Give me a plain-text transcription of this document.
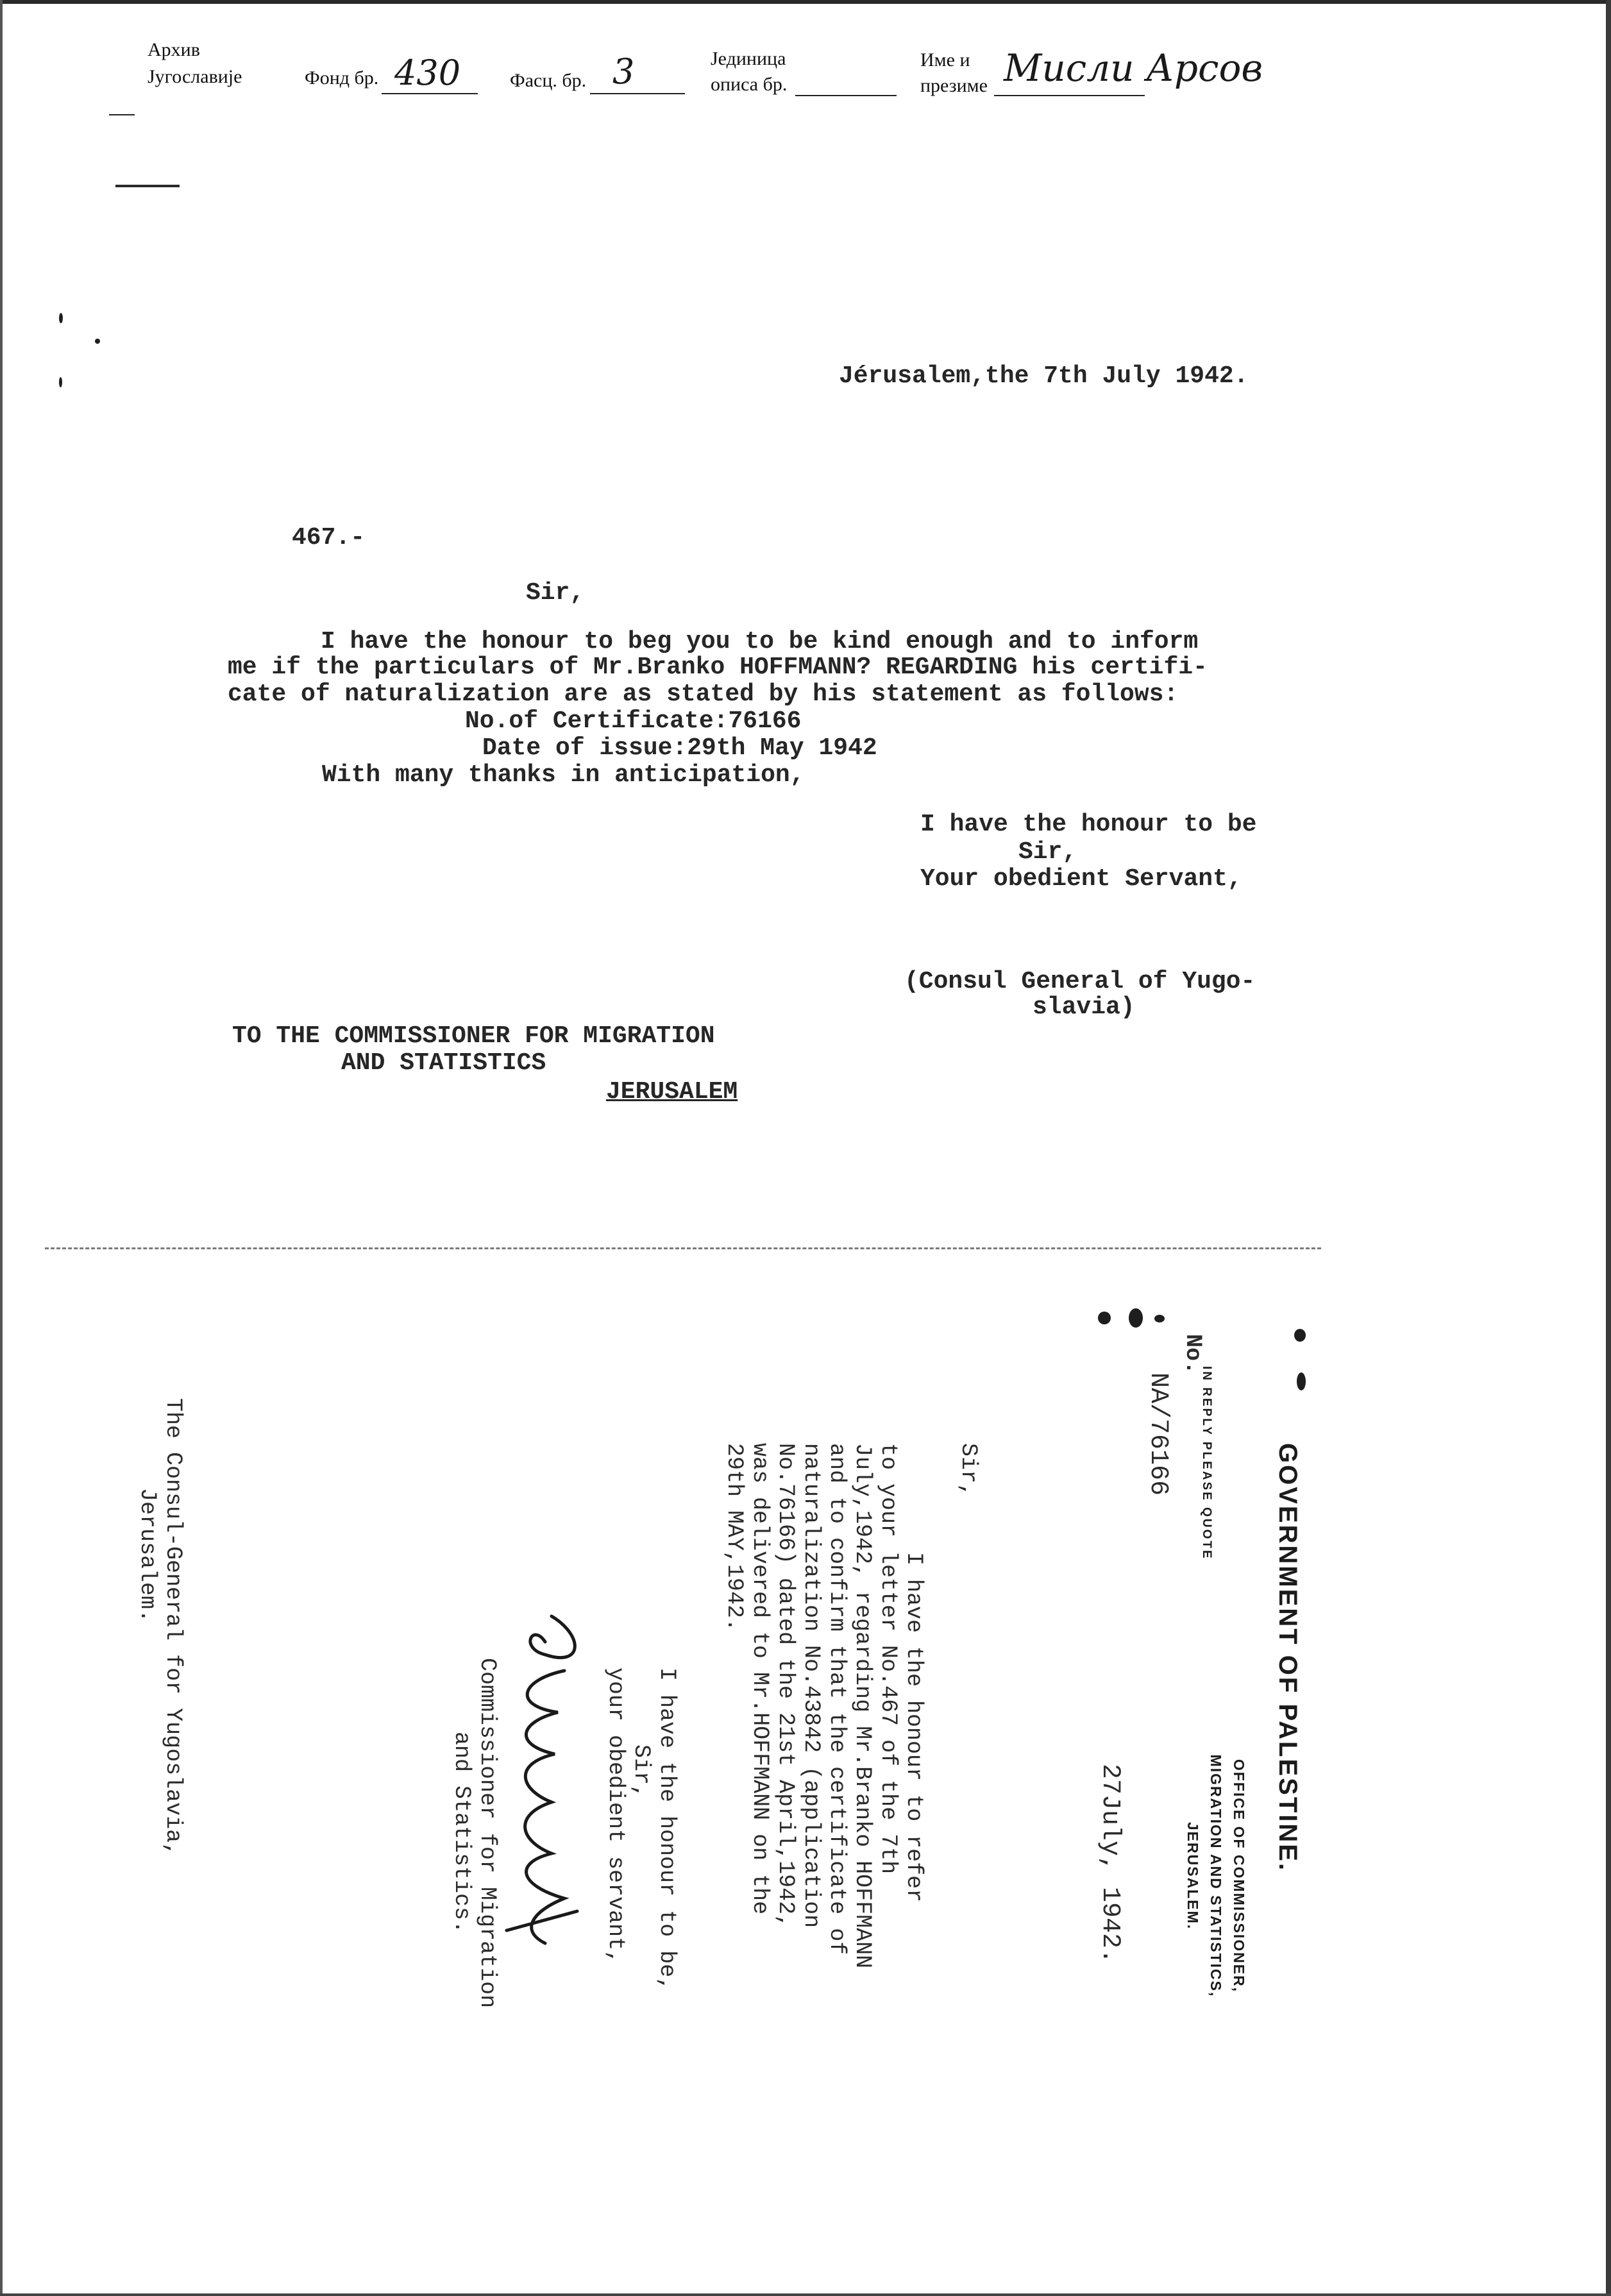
Архив
Југославије	Фонд бр. 430	Фасц. бр. 3	Јединица
описа бр.
Име и
презиме Мисли Арсов
Jérusalem,the 7th July 1942.
467.-
Sir,
I have the honour to beg you to be kind enough and to inform
me if the particulars of Mr.Branko HOFFMANN? REGARDING his certifi-
cate of naturalization are as stated by his statement as follows:
No.of Certificate:76166
Date of issue:29th May 1942
With many thanks in anticipation,
I have the honour to be
Sir,
Your obedient Servant,
(Consul General of Yugo-
slavia)
TO THE COMMISSIONER FOR MIGRATION
AND STATISTICS
JERUSALEM
GOVERNMENT OF PALESTINE.
OFFICE OF COMMISSIONER,
MIGRATION AND STATISTICS,
JERUSALEM.
IN REPLY PLEASE QUOTE
No.
NA/76166
27July, 1942.
Sir,
I have the honour to refer
to your letter No.467 of the 7th
July,1942, regarding Mr.Branko HOFFMANN
and to confirm that the certificate of
naturalization No.43842 (application
No.76166) dated the 21st April,1942,
was delivered to Mr.HOFFMANN on the
29th MAY,1942.
I have the honour to be,
Sir,
your obedient servant,
Commissioner for Migration
and Statistics.
The Consul-General for Yugoslavia,
Jerusalem.
